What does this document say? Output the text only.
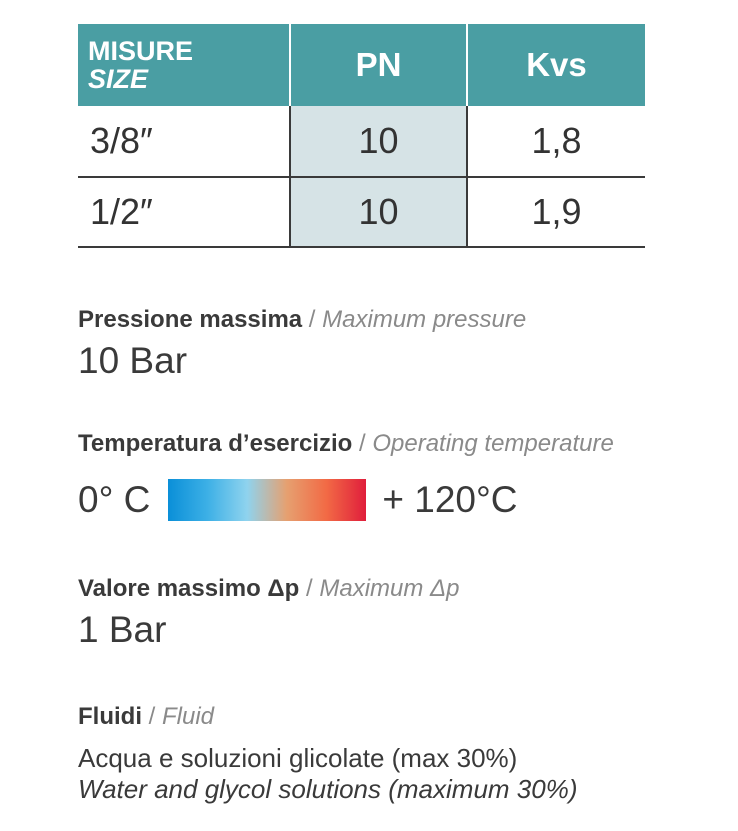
MISURE
SIZE	PN	Kvs
3/8″	10	1,8
1/2″	10	1,9
Pressione massima / Maximum pressure
10 Bar
Temperatura d’esercizio / Operating temperature
0° C	+ 120°C
Valore massimo Δp / Maximum Δp
1 Bar
Fluidi / Fluid
Acqua e soluzioni glicolate (max 30%)
Water and glycol solutions (maximum 30%)
